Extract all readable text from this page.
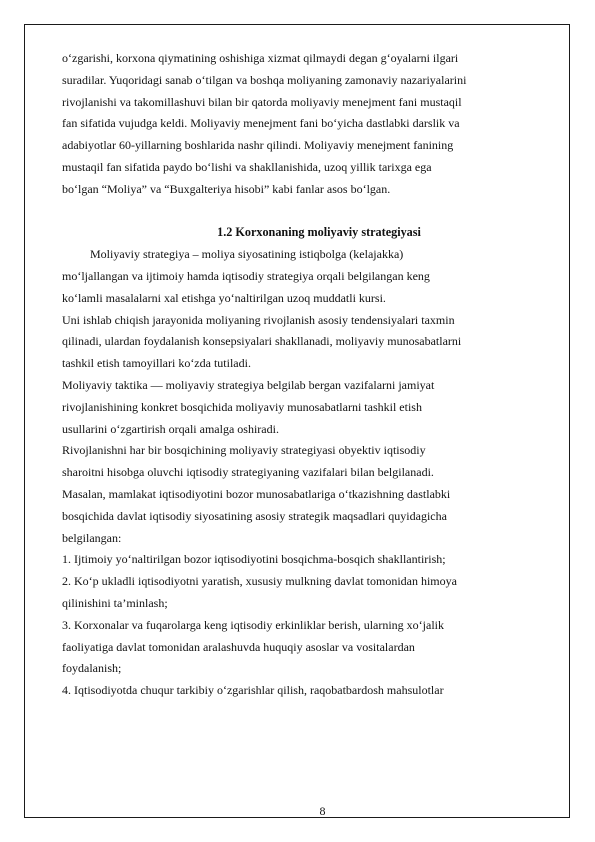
o‘zgarishi, korxona qiymatining oshishiga xizmat qilmaydi degan g‘oyalarni ilgari
suradilar. Yuqoridagi sanab o‘tilgan va boshqa moliyaning zamonaviy nazariyalarini
rivojlanishi va takomillashuvi bilan bir qatorda moliyaviy menejment fani mustaqil
fan sifatida vujudga keldi. Moliyaviy menejment fani bo‘yicha dastlabki darslik va
adabiyotlar 60-yillarning boshlarida nashr qilindi. Moliyaviy menejment fanining
mustaqil fan sifatida paydo bo‘lishi va shakllanishida, uzoq yillik tarixga ega
bo‘lgan “Moliya” va “Buxgalteriya hisobi” kabi fanlar asos bo‘lgan.
1.2 Korxonaning moliyaviy strategiyasi
Moliyaviy strategiya – moliya siyosatining istiqbolga (kelajakka)
mo‘ljallangan va ijtimoiy hamda iqtisodiy strategiya orqali belgilangan keng
ko‘lamli masalalarni xal etishga yo‘naltirilgan uzoq muddatli kursi.
Uni ishlab chiqish jarayonida moliyaning rivojlanish asosiy tendensiyalari taxmin
qilinadi, ulardan foydalanish konsepsiyalari shakllanadi, moliyaviy munosabatlarni
tashkil etish tamoyillari ko‘zda tutiladi.
Moliyaviy taktika — moliyaviy strategiya belgilab bergan vazifalarni jamiyat
rivojlanishining konkret bosqichida moliyaviy munosabatlarni tashkil etish
usullarini o‘zgartirish orqali amalga oshiradi.
Rivojlanishni har bir bosqichining moliyaviy strategiyasi obyektiv iqtisodiy
sharoitni hisobga oluvchi iqtisodiy strategiyaning vazifalari bilan belgilanadi.
Masalan, mamlakat iqtisodiyotini bozor munosabatlariga o‘tkazishning dastlabki
bosqichida davlat iqtisodiy siyosatining asosiy strategik maqsadlari quyidagicha
belgilangan:
1. Ijtimoiy yo‘naltirilgan bozor iqtisodiyotini bosqichma-bosqich shakllantirish;
2. Ko‘p ukladli iqtisodiyotni yaratish, xususiy mulkning davlat tomonidan himoya
qilinishini ta’minlash;
3. Korxonalar va fuqarolarga keng iqtisodiy erkinliklar berish, ularning xo‘jalik
faoliyatiga davlat tomonidan aralashuvda huquqiy asoslar va vositalardan
foydalanish;
4. Iqtisodiyotda chuqur tarkibiy o‘zgarishlar qilish, raqobatbardosh mahsulotlar
8
